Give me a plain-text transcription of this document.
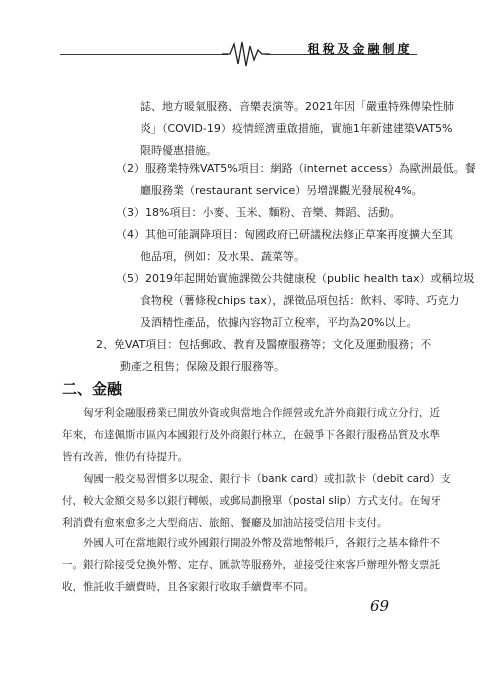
租稅及金融制度

誌、地方暖氣服務、音樂表演等。2021年因「嚴重特殊傳染性肺

炎」（COVID-19）疫情經濟重啟措施，實施1年新建建築VAT5%

限時優惠措施。

（2）服務業特殊VAT5%項目：網路（internet access）為歐洲最低。餐

廳服務業（restaurant service）另增課觀光發展稅4%。

（3）18%項目：小麥、玉米、麵粉、音樂、舞蹈、活動。

（4）其他可能調降項目：匈國政府已研議稅法修正草案再度擴大至其

他品項，例如：及水果、蔬菜等。

（5）2019年起開始實施課徵公共健康稅（public health tax）或稱垃圾

食物稅（薯條稅chips tax），課徵品項包括：飲料、零時、巧克力

及酒精性產品，依據內容物訂立稅率，平均為20%以上。

2、免VAT項目：包括郵政、教育及醫療服務等；文化及運動服務；不

動產之租售；保險及銀行服務等。

二、金融

匈牙利金融服務業已開放外資或與當地合作經營或允許外商銀行成立分行，近

年來，布達佩斯市區內本國銀行及外商銀行林立，在競爭下各銀行服務品質及水準

皆有改善，惟仍有待提升。

匈國一般交易習慣多以現金、銀行卡（bank card）或扣款卡（debit card）支

付，較大金額交易多以銀行轉帳，或郵局劃撥單（postal slip）方式支付。在匈牙

利消費有愈來愈多之大型商店、旅館、餐廳及加油站接受信用卡支付。

外國人可在當地銀行或外國銀行開設外幣及當地幣帳戶，各銀行之基本條件不

一。銀行除接受兌換外幣、定存、匯款等服務外，並接受往來客戶辦理外幣支票託

收，惟託收手續費時，且各家銀行收取手續費率不同。

69
